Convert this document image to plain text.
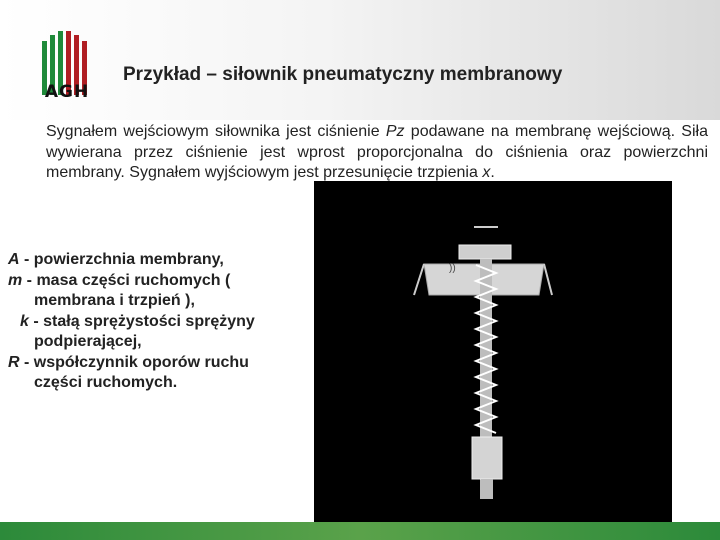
AGH
Przykład – siłownik pneumatyczny membranowy

Sygnałem wejściowym siłownika jest ciśnienie Pz podawane na membranę wejściową. Siła wywierana przez ciśnienie jest wprost proporcjonalna do ciśnienia oraz powierzchni membrany. Sygnałem wyjściowym jest przesunięcie trzpienia x.

A - powierzchnia membrany,

m - masa części ruchomych (
membrana i trzpień ),

k - stałą sprężystości sprężyny
podpierającej,

R - współczynnik oporów ruchu
części ruchomych.

))
